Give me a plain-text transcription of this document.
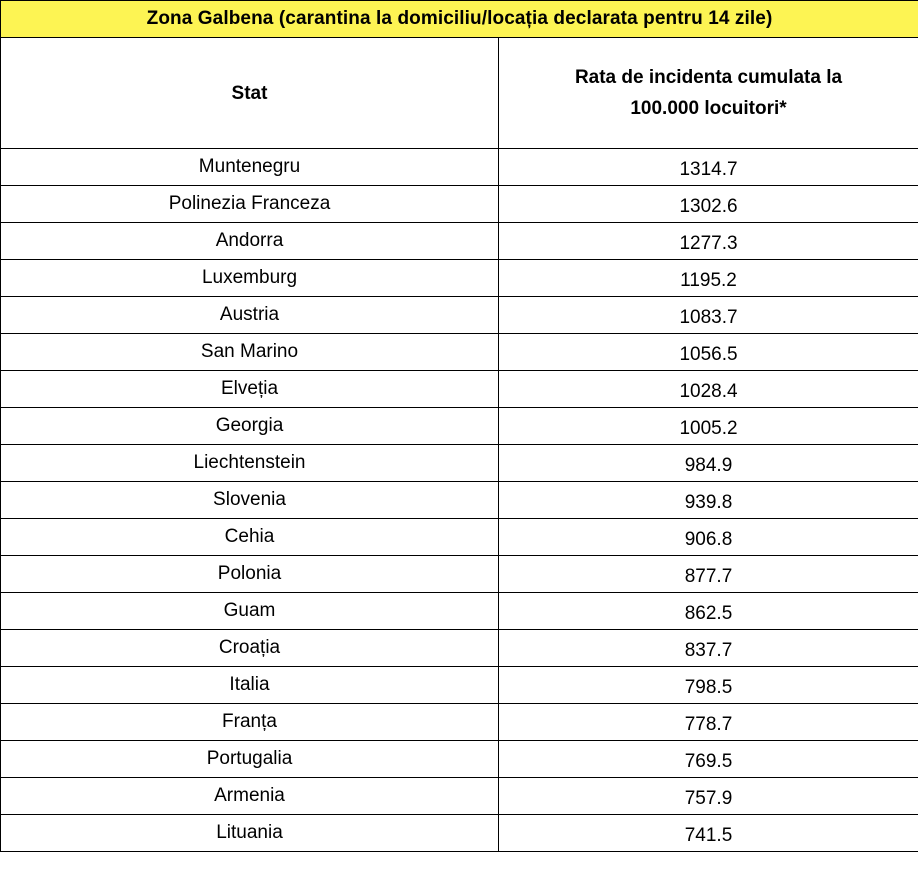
Zona Galbena (carantina la domiciliu/locația declarata pentru 14 zile)	
Stat	Rata de incidenta cumulata la
100.000 locuitori*
Muntenegru	1314.7
Polinezia Franceza	1302.6
Andorra	1277.3
Luxemburg	1195.2
Austria	1083.7
San Marino	1056.5
Elveția	1028.4
Georgia	1005.2
Liechtenstein	984.9
Slovenia	939.8
Cehia	906.8
Polonia	877.7
Guam	862.5
Croația	837.7
Italia	798.5
Franța	778.7
Portugalia	769.5
Armenia	757.9
Lituania	741.5
